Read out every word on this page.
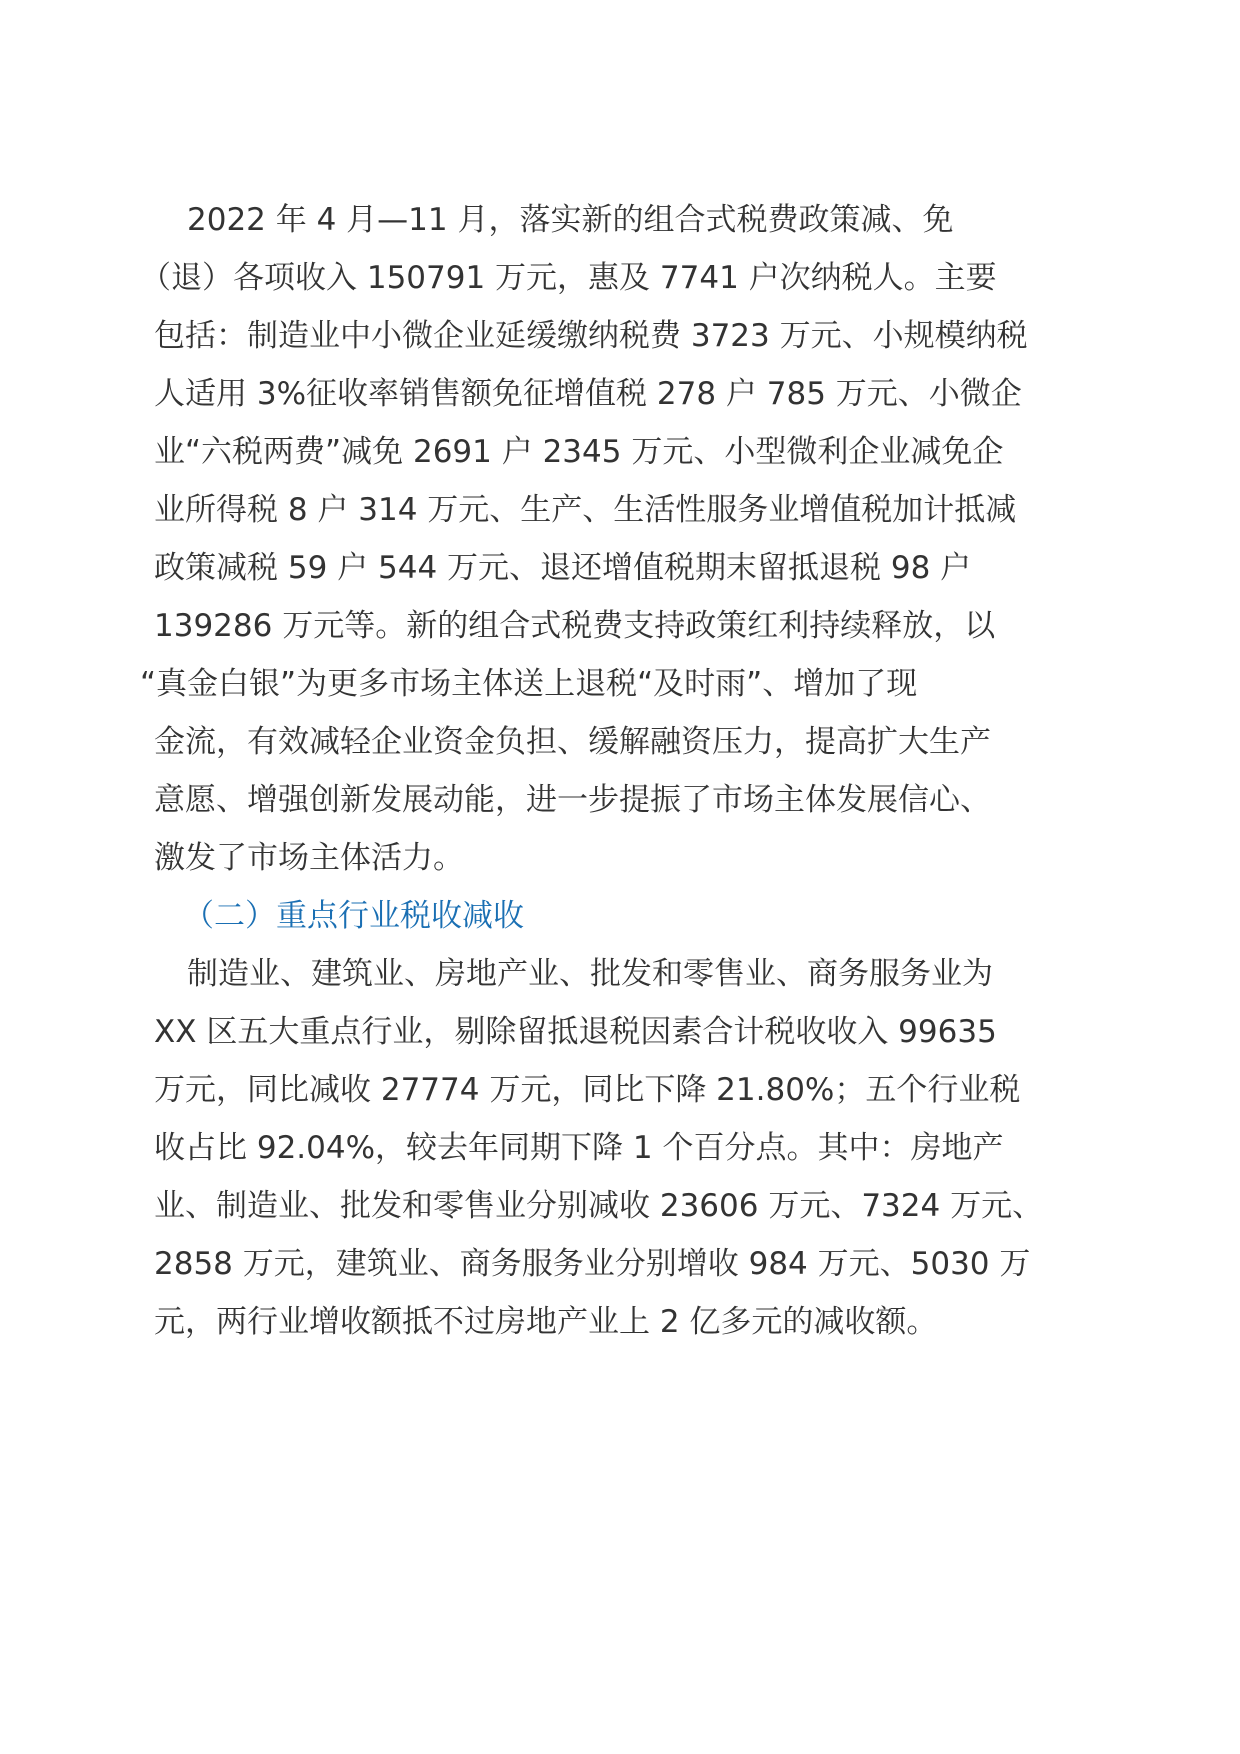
2022 年 4 月—11 月，落实新的组合式税费政策减、免
（退）各项收入 150791 万元，惠及 7741 户次纳税人。主要
包括：制造业中小微企业延缓缴纳税费 3723 万元、小规模纳税
人适用 3%征收率销售额免征增值税 278 户 785 万元、小微企
业“六税两费”减免 2691 户 2345 万元、小型微利企业减免企
业所得税 8 户 314 万元、生产、生活性服务业增值税加计抵减
政策减税 59 户 544 万元、退还增值税期末留抵退税 98 户
139286 万元等。新的组合式税费支持政策红利持续释放，以
“真金白银”为更多市场主体送上退税“及时雨”、增加了现
金流，有效减轻企业资金负担、缓解融资压力，提高扩大生产
意愿、增强创新发展动能，进一步提振了市场主体发展信心、
激发了市场主体活力。
（二）重点行业税收减收
制造业、建筑业、房地产业、批发和零售业、商务服务业为
XX 区五大重点行业，剔除留抵退税因素合计税收收入 99635
万元，同比减收 27774 万元，同比下降 21.80%；五个行业税
收占比 92.04%，较去年同期下降 1 个百分点。其中：房地产
业、制造业、批发和零售业分别减收 23606 万元、7324 万元、
2858 万元，建筑业、商务服务业分别增收 984 万元、5030 万
元，两行业增收额抵不过房地产业上 2 亿多元的减收额。
